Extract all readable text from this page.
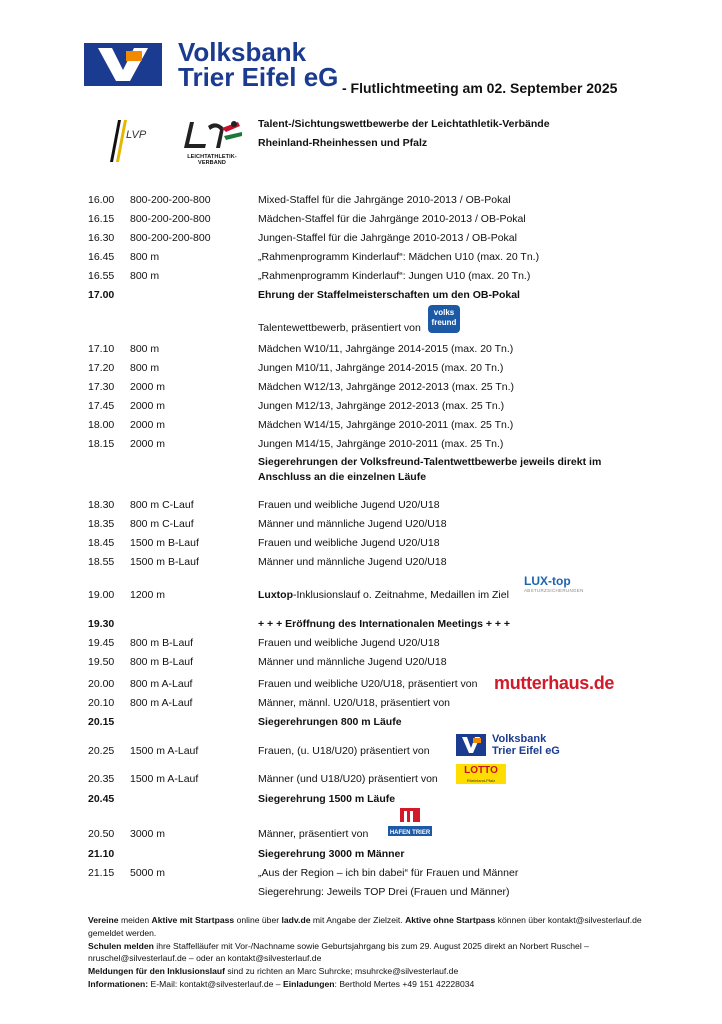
Volksbank
Trier Eifel eG - Flutlichtmeeting am 02. September 2025
LVP
LEICHTATHLETIK-VERBAND
Talent-/Sichtungswettbewerbe der Leichtathletik-Verbände
Rheinland-Rheinhessen und Pfalz
16.00 800-200-200-800	Mixed-Staffel für die Jahrgänge 2010-2013 / OB-Pokal
16.15 800-200-200-800	Mädchen-Staffel für die Jahrgänge 2010-2013 / OB-Pokal
16.30 800-200-200-800	Jungen-Staffel für die Jahrgänge 2010-2013 / OB-Pokal
16.45 800 m	„Rahmenprogramm Kinderlauf“: Mädchen U10 (max. 20 Tn.)
16.55 800 m	„Rahmenprogramm Kinderlauf“: Jungen U10 (max. 20 Tn.)
17.00	Ehrung der Staffelmeisterschaften um den OB-Pokal
Talentewettbewerb, präsentiert von
volks
freund
17.10 800 m	Mädchen W10/11, Jahrgänge 2014-2015 (max. 20 Tn.)
17.20 800 m	Jungen M10/11, Jahrgänge 2014-2015 (max. 20 Tn.)
17.30 2000 m	Mädchen W12/13, Jahrgänge 2012-2013 (max. 25 Tn.)
17.45 2000 m	Jungen M12/13, Jahrgänge 2012-2013 (max. 25 Tn.)
18.00 2000 m	Mädchen W14/15, Jahrgänge 2010-2011 (max. 25 Tn.)
18.15 2000 m	Jungen M14/15, Jahrgänge 2010-2011 (max. 25 Tn.)
Siegerehrungen der Volksfreund-Talentwettbewerbe jeweils direkt im Anschluss an die einzelnen Läufe
18.30 800 m C-Lauf	Frauen und weibliche Jugend U20/U18
18.35 800 m C-Lauf	Männer und männliche Jugend U20/U18
18.45 1500 m B-Lauf	Frauen und weibliche Jugend U20/U18
18.55 1500 m B-Lauf	Männer und männliche Jugend U20/U18
LUX-top
ABSTURZSICHERUNGEN
19.00 1200 m	Luxtop-Inklusionslauf o. Zeitnahme, Medaillen im Ziel
19.30	+ + + Eröffnung des Internationalen Meetings + + +
19.45 800 m B-Lauf	Frauen und weibliche Jugend U20/U18
19.50 800 m B-Lauf	Männer und männliche Jugend U20/U18
20.00 800 m A-Lauf	Frauen und weibliche U20/U18, präsentiert von mutterhaus.de
20.10 800 m A-Lauf	Männer, männl. U20/U18, präsentiert von
20.15	Siegerehrungen 800 m Läufe
Volksbank
Trier Eifel eG
20.25 1500 m A-Lauf	Frauen, (u. U18/U20) präsentiert von
LOTTO
Rheinland-Pfalz
20.35 1500 m A-Lauf	Männer (und U18/U20) präsentiert von
20.45	Siegerehrung 1500 m Läufe
HAFEN TRIER
20.50 3000 m	Männer, präsentiert von
21.10	Siegerehrung 3000 m Männer
21.15 5000 m	„Aus der Region – ich bin dabei“ für Frauen und Männer
Siegerehrung: Jeweils TOP Drei (Frauen und Männer)

Vereine meiden Aktive mit Startpass online über ladv.de mit Angabe der Zielzeit. Aktive ohne Startpass können über kontakt@silvesterlauf.de gemeldet werden.

Schulen melden ihre Staffelläufer mit Vor-/Nachname sowie Geburtsjahrgang bis zum 29. August 2025 direkt an Norbert Ruschel – nruschel@silvesterlauf.de – oder an kontakt@silvesterlauf.de

Meldungen für den Inklusionslauf sind zu richten an Marc Suhrcke; msuhrcke@silvesterlauf.de

Informationen: E-Mail: kontakt@silvesterlauf.de – Einladungen: Berthold Mertes +49 151 42228034
